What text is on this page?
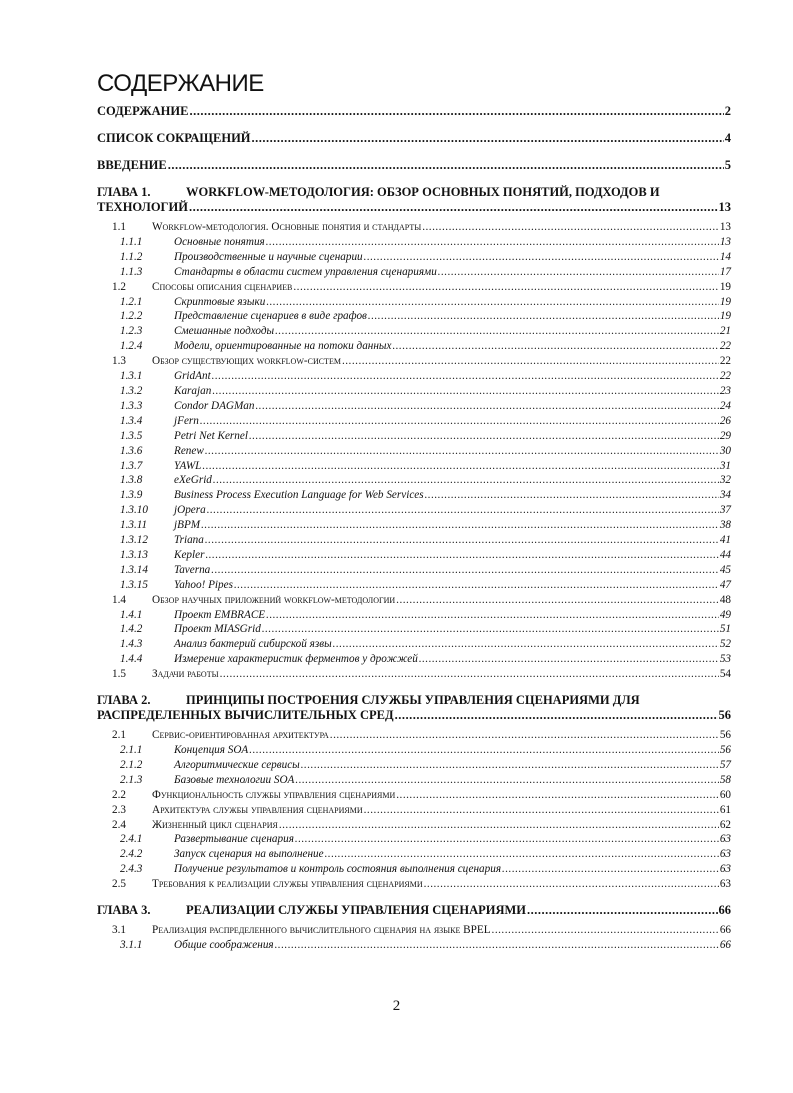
СОДЕРЖАНИЕ
СОДЕРЖАНИЕ .....	2
СПИСОК СОКРАЩЕНИЙ .....	4
ВВЕДЕНИЕ .....	5
ГЛАВА 1.	WORKFLOW-МЕТОДОЛОГИЯ: ОБЗОР ОСНОВНЫХ ПОНЯТИЙ, ПОДХОДОВ И
ТЕХНОЛОГИЙ .....	13
1.1	Workflow-методология. Основные понятия и стандарты .....	13
1.1.1	Основные понятия .....	13
1.1.2	Производственные и научные сценарии .....	14
1.1.3	Стандарты в области систем управления сценариями .....	17
1.2	Способы описания сценариев .....	19
1.2.1	Скриптовые языки .....	19
1.2.2	Представление сценариев в виде графов .....	19
1.2.3	Смешанные подходы .....	21
1.2.4	Модели, ориентированные на потоки данных .....	22
1.3	Обзор существующих workflow-систем .....	22
1.3.1	GridAnt .....	22
1.3.2	Karajan .....	23
1.3.3	Condor DAGMan .....	24
1.3.4	jFern .....	26
1.3.5	Petri Net Kernel .....	29
1.3.6	Renew .....	30
1.3.7	YAWL .....	31
1.3.8	eXeGrid .....	32
1.3.9	Business Process Execution Language for Web Services .....	34
1.3.10	jOpera .....	37
1.3.11	jBPM .....	38
1.3.12	Triana .....	41
1.3.13	Kepler .....	44
1.3.14	Taverna .....	45
1.3.15	Yahoo! Pipes .....	47
1.4	Обзор научных приложений workflow-методологии .....	48
1.4.1	Проект EMBRACE .....	49
1.4.2	Проект MIASGrid .....	51
1.4.3	Анализ бактерий сибирской язвы .....	52
1.4.4	Измерение характеристик ферментов у дрожжей .....	53
1.5	Задачи работы .....	54
ГЛАВА 2.	ПРИНЦИПЫ ПОСТРОЕНИЯ СЛУЖБЫ УПРАВЛЕНИЯ СЦЕНАРИЯМИ ДЛЯ
РАСПРЕДЕЛЕННЫХ ВЫЧИСЛИТЕЛЬНЫХ СРЕД .....	56
2.1	Сервис-ориентированная архитектура .....	56
2.1.1	Концепция SOA .....	56
2.1.2	Алгоритмические сервисы .....	57
2.1.3	Базовые технологии SOA .....	58
2.2	Функциональность службы управления сценариями .....	60
2.3	Архитектура службы управления сценариями .....	61
2.4	Жизненный цикл сценария .....	62
2.4.1	Развертывание сценария .....	63
2.4.2	Запуск сценария на выполнение .....	63
2.4.3	Получение результатов и контроль состояния выполнения сценария .....	63
2.5	Требования к реализации службы управления сценариями .....	63
ГЛАВА 3.	РЕАЛИЗАЦИИ СЛУЖБЫ УПРАВЛЕНИЯ СЦЕНАРИЯМИ .....	66
3.1	Реализация распределенного вычислительного сценария на языке BPEL .....	66
3.1.1	Общие соображения .....	66
2
